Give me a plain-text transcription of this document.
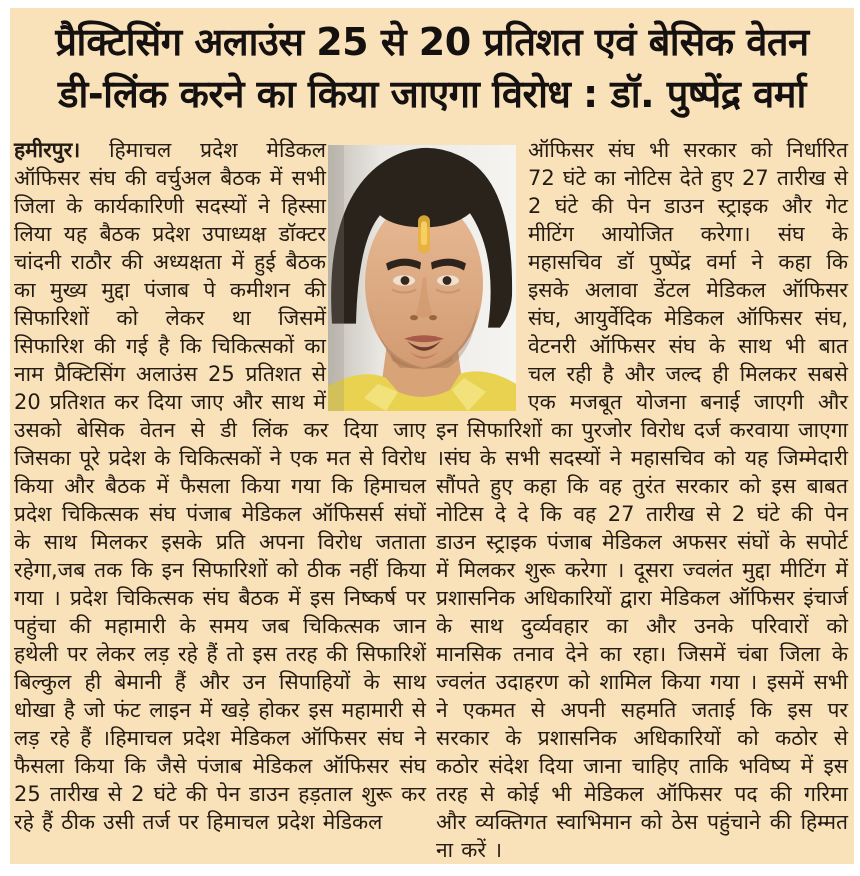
प्रैक्टिसिंग अलाउंस 25 से 20 प्रतिशत एवं बेसिक वेतन
डी-लिंक करने का किया जाएगा विरोध : डॉ. पुष्पेंद्र वर्मा
हमीरपुर। हिमाचल प्रदेश मेडिकल ऑफिसर संघ की वर्चुअल बैठक में सभी जिला के कार्यकारिणी सदस्यों ने हिस्सा लिया यह बैठक प्रदेश उपाध्यक्ष डॉक्टर चांदनी राठौर की अध्यक्षता में हुई बैठक का मुख्य मुद्दा पंजाब पे कमीशन की सिफारिशों को लेकर था जिसमें सिफारिश की गई है कि चिकित्सकों का नाम प्रैक्टिसिंग अलाउंस 25 प्रतिशत से 20 प्रतिशत कर दिया जाए और साथ में उसको बेसिक वेतन से डी लिंक कर दिया जाए जिसका पूरे प्रदेश के चिकित्सकों ने एक मत से विरोध किया और बैठक में फैसला किया गया कि हिमाचल प्रदेश चिकित्सक संघ पंजाब मेडिकल ऑफिसर्स संघों के साथ मिलकर इसके प्रति अपना विरोध जताता रहेगा,जब तक कि इन सिफारिशों को ठीक नहीं किया गया । प्रदेश चिकित्सक संघ बैठक में इस निष्कर्ष पर पहुंचा की महामारी के समय जब चिकित्सक जान हथेली पर लेकर लड़ रहे हैं तो इस तरह की सिफारिशें बिल्कुल ही बेमानी हैं और उन सिपाहियों के साथ धोखा है जो फंट लाइन में खड़े होकर इस महामारी से लड़ रहे हैं ।हिमाचल प्रदेश मेडिकल ऑफिसर संघ ने फैसला किया कि जैसे पंजाब मेडिकल ऑफिसर संघ 25 तारीख से 2 घंटे की पेन डाउन हड़ताल शुरू कर रहे हैं ठीक उसी तर्ज पर हिमाचल प्रदेश मेडिकल
ऑफिसर संघ भी सरकार को निर्धारित 72 घंटे का नोटिस देते हुए 27 तारीख से 2 घंटे की पेन डाउन स्ट्राइक और गेट मीटिंग आयोजित करेगा। संघ के महासचिव डॉ पुष्पेंद्र वर्मा ने कहा कि इसके अलावा डेंटल मेडिकल ऑफिसर संघ, आयुर्वेदिक मेडिकल ऑफिसर संघ, वेटनरी ऑफिसर संघ के साथ भी बात चल रही है और जल्द ही मिलकर सबसे एक मजबूत योजना बनाई जाएगी और इन सिफारिशों का पुरजोर विरोध दर्ज करवाया जाएगा ।संघ के सभी सदस्यों ने महासचिव को यह जिम्मेदारी सौंपते हुए कहा कि वह तुरंत सरकार को इस बाबत नोटिस दे दे कि वह 27 तारीख से 2 घंटे की पेन डाउन स्ट्राइक पंजाब मेडिकल अफसर संघों के सपोर्ट में मिलकर शुरू करेगा । दूसरा ज्वलंत मुद्दा मीटिंग में प्रशासनिक अधिकारियों द्वारा मेडिकल ऑफिसर इंचार्ज के साथ दुर्व्यवहार का और उनके परिवारों को मानसिक तनाव देने का रहा। जिसमें चंबा जिला के ज्वलंत उदाहरण को शामिल किया गया । इसमें सभी ने एकमत से अपनी सहमति जताई कि इस पर सरकार के प्रशासनिक अधिकारियों को कठोर से कठोर संदेश दिया जाना चाहिए ताकि भविष्य में इस तरह से कोई भी मेडिकल ऑफिसर पद की गरिमा और व्यक्तिगत स्वाभिमान को ठेस पहुंचाने की हिम्मत ना करें ।
